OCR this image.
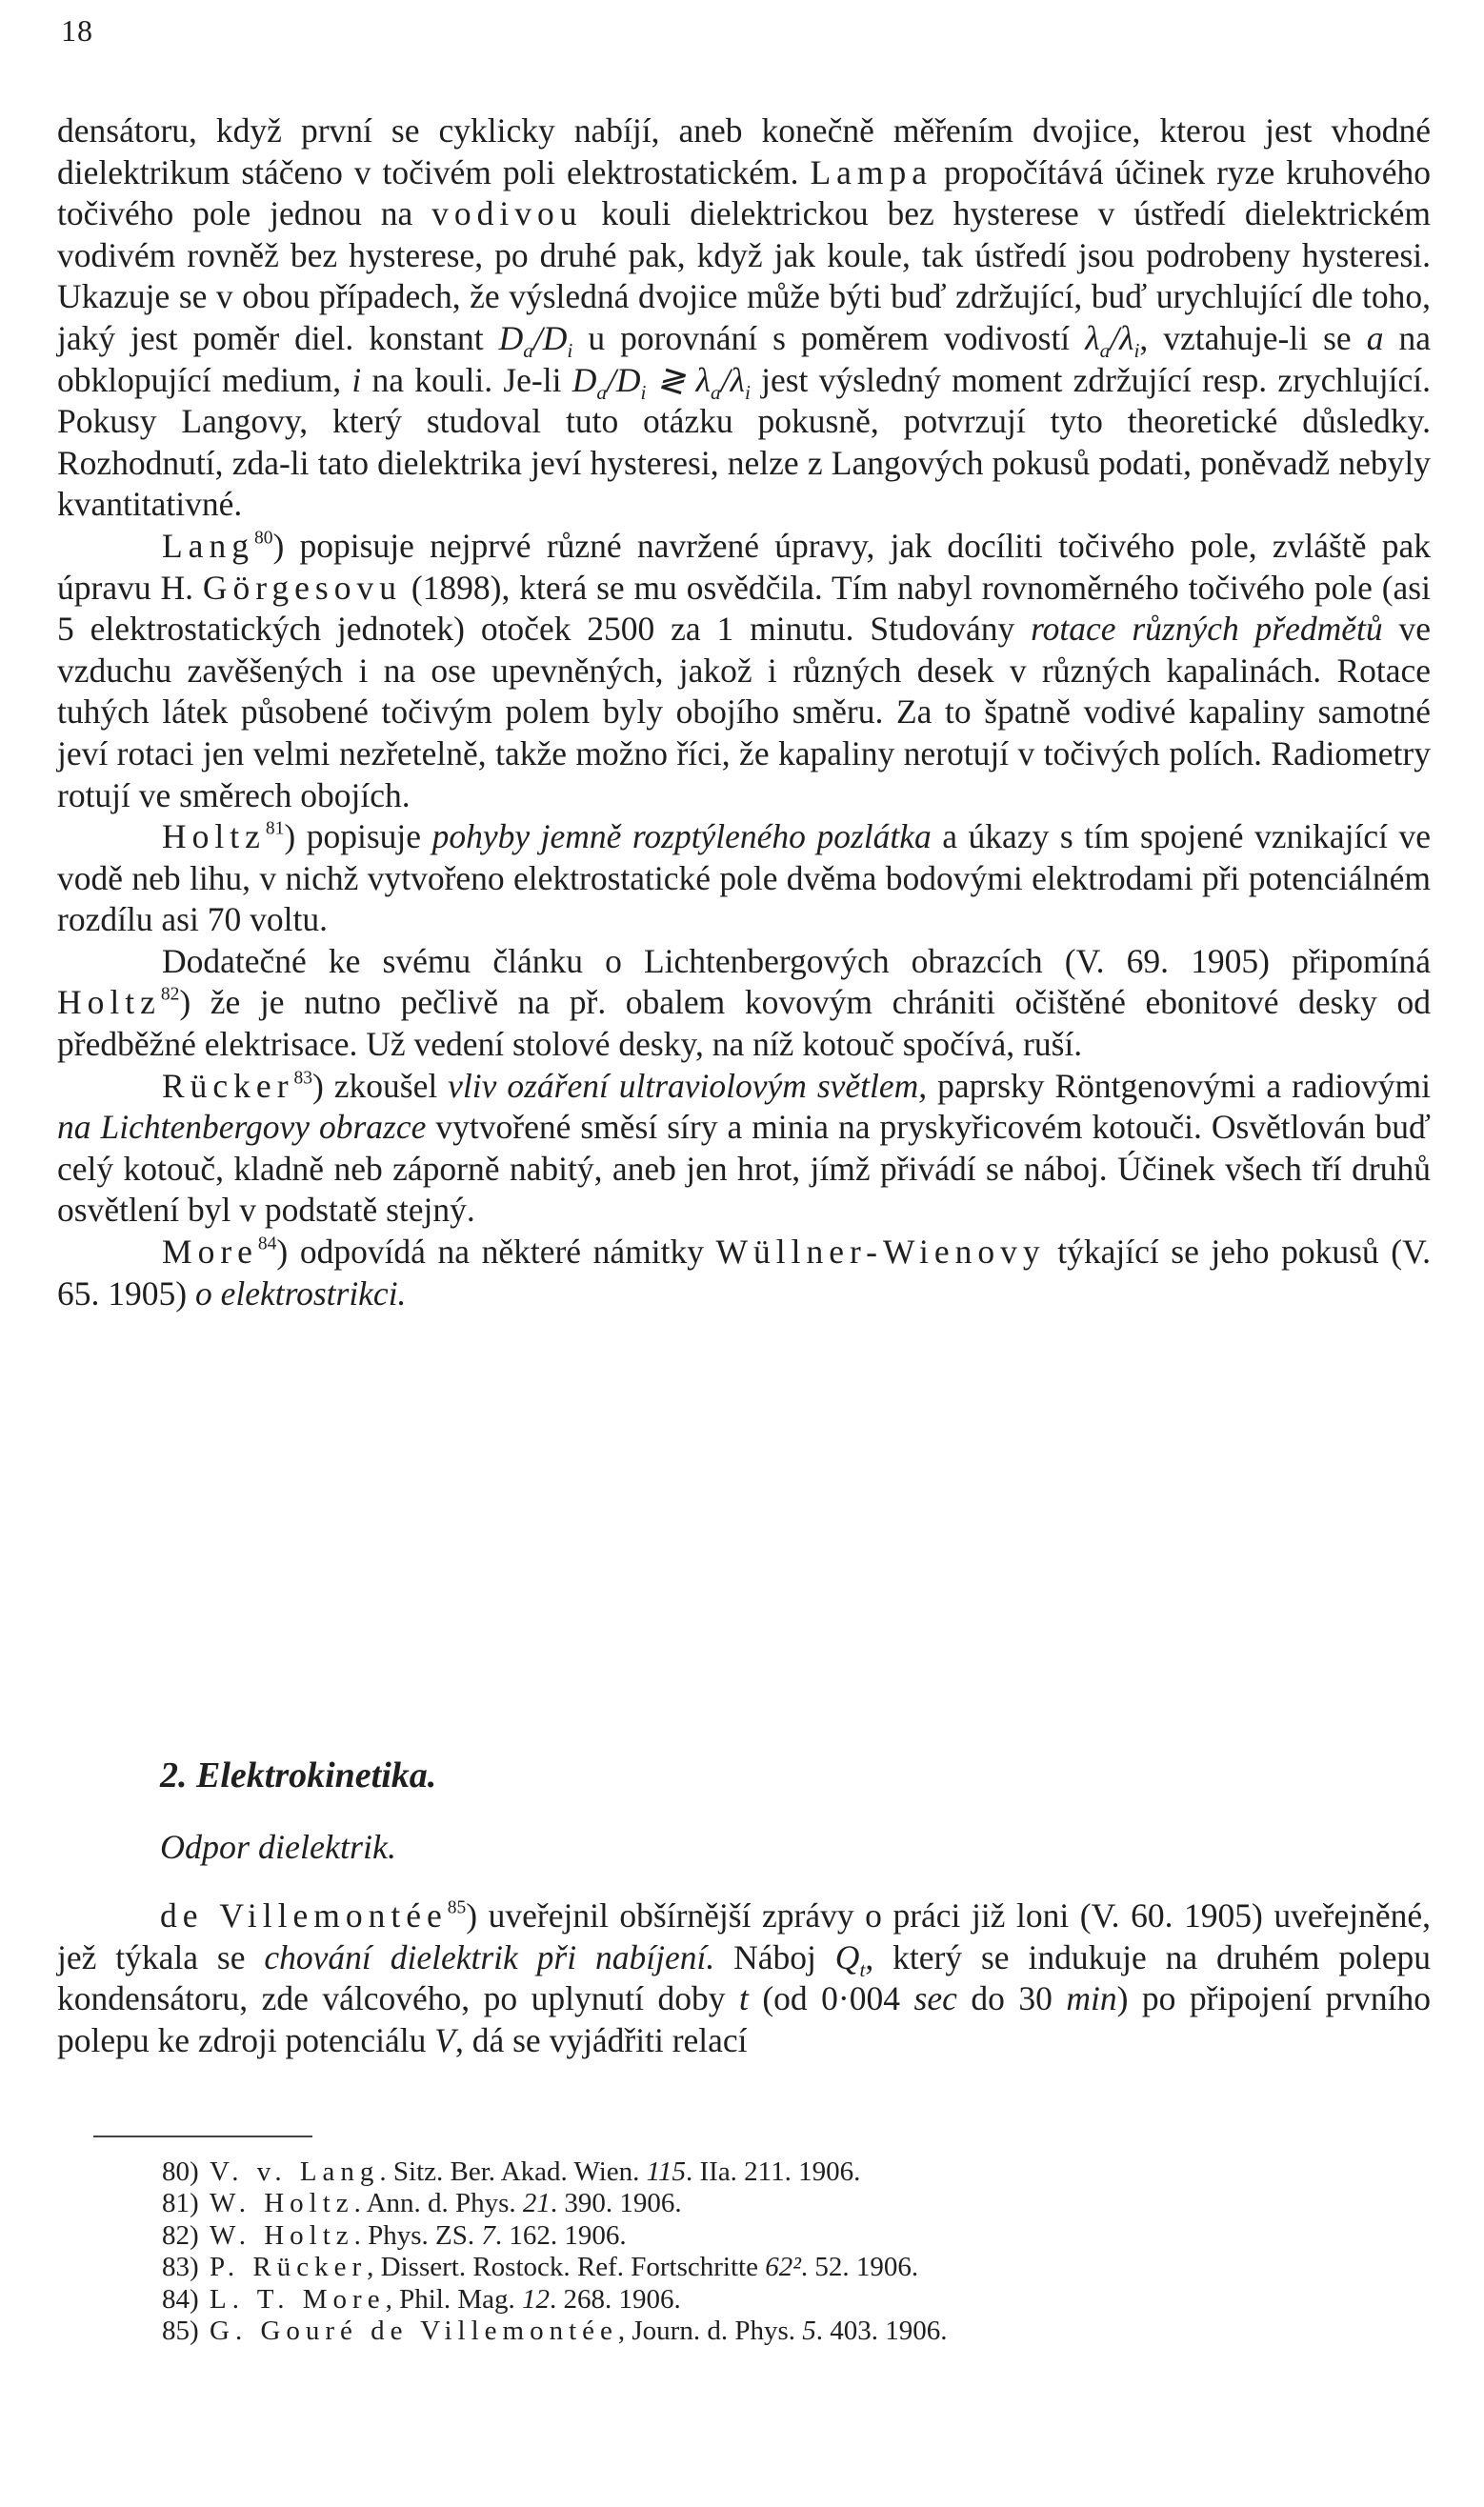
18

densátoru, když první se cyklicky nabíjí, aneb konečně měřením dvojice, kterou jest vhodné dielektrikum stáčeno v točivém poli elektrostatickém. Lampa propočítává účinek ryze kruhového točivého pole jednou na vodivou kouli dielektrickou bez hysterese v ústředí dielektrickém vodivém rovněž bez hysterese, po druhé pak, když jak koule, tak ústředí jsou podrobeny hysteresi. Ukazuje se v obou případech, že výsledná dvojice může býti buď zdržující, buď urychlující dle toho, jaký jest poměr diel. konstant $D_a/D_i$ u porovnání s poměrem vodivostí $\lambda_a/\lambda_i$, vztahuje-li se a na obklopující medium, i na kouli. Je-li $D_a/D_i$ ≷ $\lambda_a/\lambda_i$ jest výsledný moment zdržující resp. zrychlující. Pokusy Langovy, který studoval tuto otázku pokusně, potvrzují tyto theoretické důsledky. Rozhodnutí, zda-li tato dielektrika jeví hysteresi, nelze z Langových pokusů podati, poněvadž nebyly kvantitativné.

Lang$^{80}$) popisuje nejprvé různé navržené úpravy, jak docíliti točivého pole, zvláště pak úpravu H. Görgesovu (1898), která se mu osvědčila. Tím nabyl rovnoměrného točivého pole (asi 5 elektrostatických jednotek) otoček 2500 za 1 minutu. Studovány rotace různých předmětů ve vzduchu zavěšených i na ose upevněných, jakož i různých desek v různých kapalinách. Rotace tuhých látek působené točivým polem byly obojího směru. Za to špatně vodivé kapaliny samotné jeví rotaci jen velmi nezřetelně, takže možno říci, že kapaliny nerotují v točivých polích. Radiometry rotují ve směrech obojích.

Holtz$^{81}$) popisuje pohyby jemně rozptýleného pozlátka a úkazy s tím spojené vznikající ve vodě neb lihu, v nichž vytvořeno elektrostatické pole dvěma bodovými elektrodami při potenciálném rozdílu asi 70 voltu.

Dodatečné ke svému článku o Lichtenbergových obrazcích (V. 69. 1905) připomíná Holtz$^{82}$) že je nutno pečlivě na př. obalem kovovým chrániti očištěné ebonitové desky od předběžné elektrisace. Už vedení stolové desky, na níž kotouč spočívá, ruší.

Rücker$^{83}$) zkoušel vliv ozáření ultraviolovým světlem, paprsky Röntgenovými a radiovými na Lichtenbergovy obrazce vytvořené směsí síry a minia na pryskyřicovém kotouči. Osvětlován buď celý kotouč, kladně neb záporně nabitý, aneb jen hrot, jímž přivádí se náboj. Účinek všech tří druhů osvětlení byl v podstatě stejný.

More$^{84}$) odpovídá na některé námitky Wüllner-Wienovy týkající se jeho pokusů (V. 65. 1905) o elektrostrikci.

2. Elektrokinetika.
Odpor dielektrik.

de Villemontée$^{85}$) uveřejnil obšírnější zprávy o práci již loni (V. 60. 1905) uveřejněné, jež týkala se chování dielektrik při nabíjení. Náboj $Q_t$, který se indukuje na druhém polepu kondensátoru, zde válcového, po uplynutí doby t (od 0·004 sec do 30 min) po připojení prvního polepu ke zdroji potenciálu V, dá se vyjádřiti relací

80) V. v. Lang. Sitz. Ber. Akad. Wien. 115. IIa. 211. 1906.
81) W. Holtz. Ann. d. Phys. 21. 390. 1906.
82) W. Holtz. Phys. ZS. 7. 162. 1906.
83) P. Rücker, Dissert. Rostock. Ref. Fortschritte 62². 52. 1906.
84) L. T. More, Phil. Mag. 12. 268. 1906.
85) G. Gouré de Villemontée, Journ. d. Phys. 5. 403. 1906.
